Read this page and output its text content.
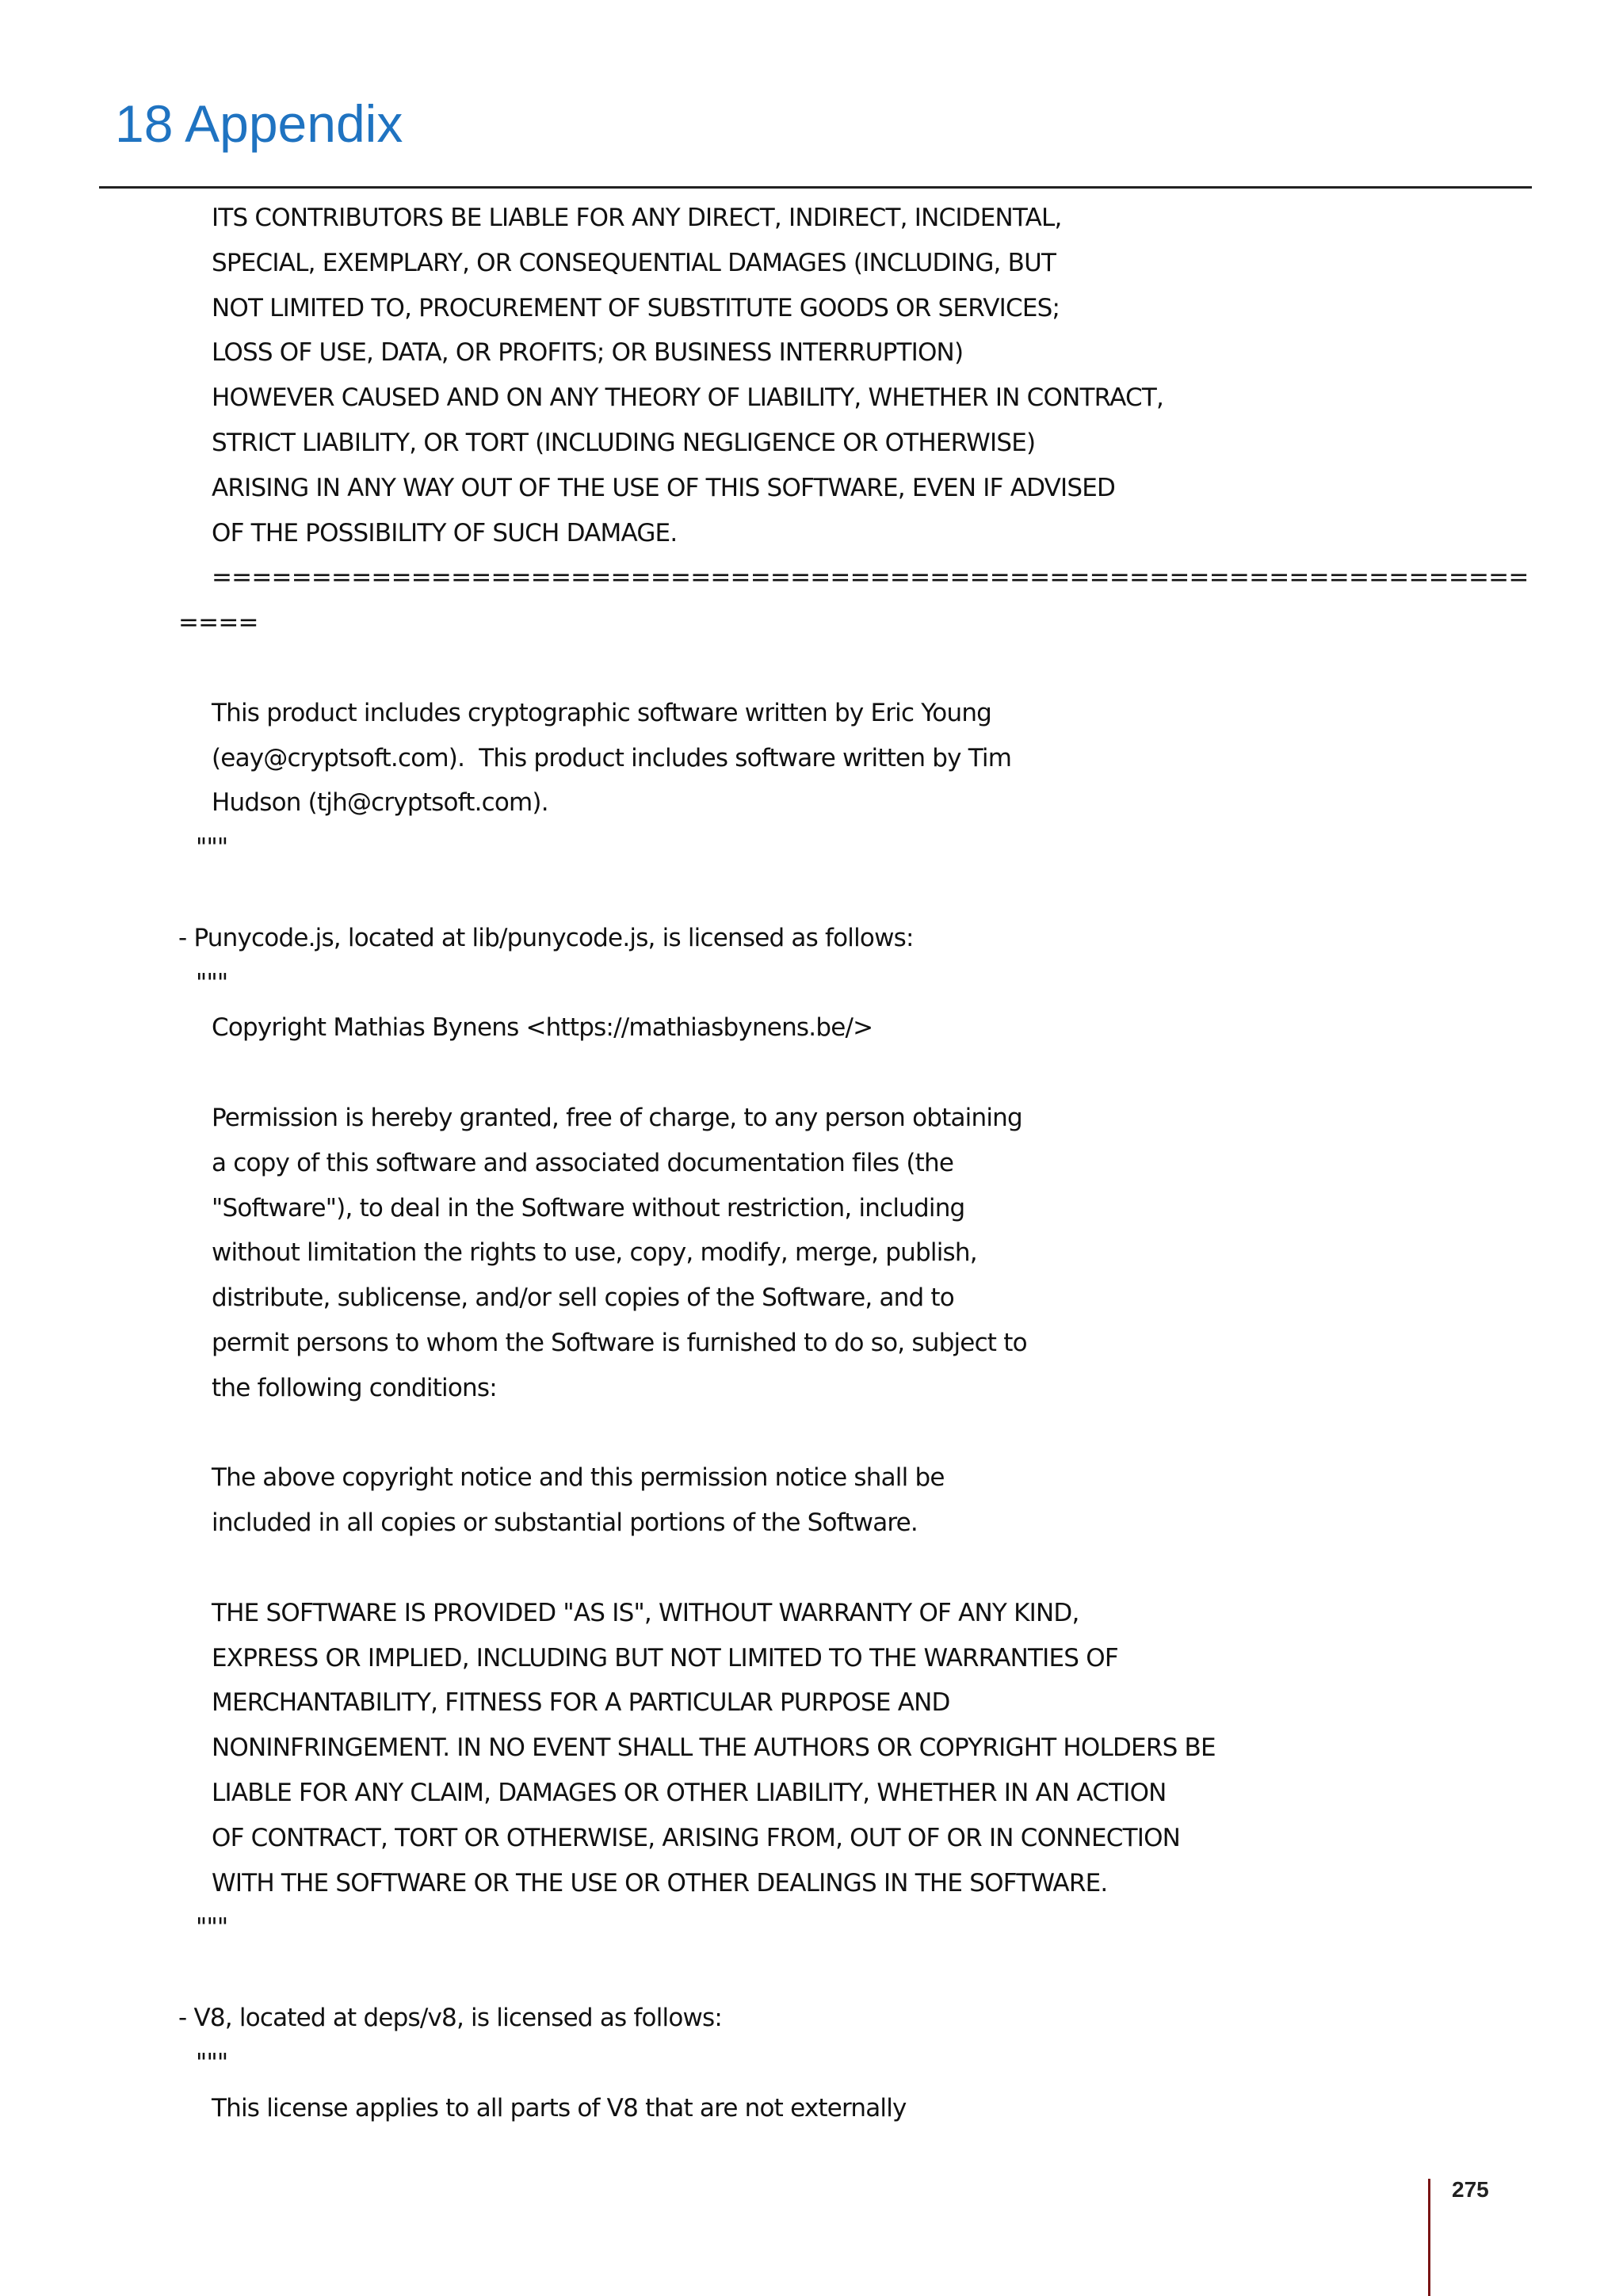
18 Appendix
ITS CONTRIBUTORS BE LIABLE FOR ANY DIRECT, INDIRECT, INCIDENTAL,
SPECIAL, EXEMPLARY, OR CONSEQUENTIAL DAMAGES (INCLUDING, BUT
NOT LIMITED TO, PROCUREMENT OF SUBSTITUTE GOODS OR SERVICES;
LOSS OF USE, DATA, OR PROFITS; OR BUSINESS INTERRUPTION)
HOWEVER CAUSED AND ON ANY THEORY OF LIABILITY, WHETHER IN CONTRACT,
STRICT LIABILITY, OR TORT (INCLUDING NEGLIGENCE OR OTHERWISE)
ARISING IN ANY WAY OUT OF THE USE OF THIS SOFTWARE, EVEN IF ADVISED
OF THE POSSIBILITY OF SUCH DAMAGE.
==================================================================
====
This product includes cryptographic software written by Eric Young
(eay@cryptsoft.com).  This product includes software written by Tim
Hudson (tjh@cryptsoft.com).
"""
- Punycode.js, located at lib/punycode.js, is licensed as follows:
"""
Copyright Mathias Bynens <https://mathiasbynens.be/>
Permission is hereby granted, free of charge, to any person obtaining
a copy of this software and associated documentation files (the
"Software"), to deal in the Software without restriction, including
without limitation the rights to use, copy, modify, merge, publish,
distribute, sublicense, and/or sell copies of the Software, and to
permit persons to whom the Software is furnished to do so, subject to
the following conditions:
The above copyright notice and this permission notice shall be
included in all copies or substantial portions of the Software.
THE SOFTWARE IS PROVIDED "AS IS", WITHOUT WARRANTY OF ANY KIND,
EXPRESS OR IMPLIED, INCLUDING BUT NOT LIMITED TO THE WARRANTIES OF
MERCHANTABILITY, FITNESS FOR A PARTICULAR PURPOSE AND
NONINFRINGEMENT. IN NO EVENT SHALL THE AUTHORS OR COPYRIGHT HOLDERS BE
LIABLE FOR ANY CLAIM, DAMAGES OR OTHER LIABILITY, WHETHER IN AN ACTION
OF CONTRACT, TORT OR OTHERWISE, ARISING FROM, OUT OF OR IN CONNECTION
WITH THE SOFTWARE OR THE USE OR OTHER DEALINGS IN THE SOFTWARE.
"""
- V8, located at deps/v8, is licensed as follows:
"""
This license applies to all parts of V8 that are not externally
275
